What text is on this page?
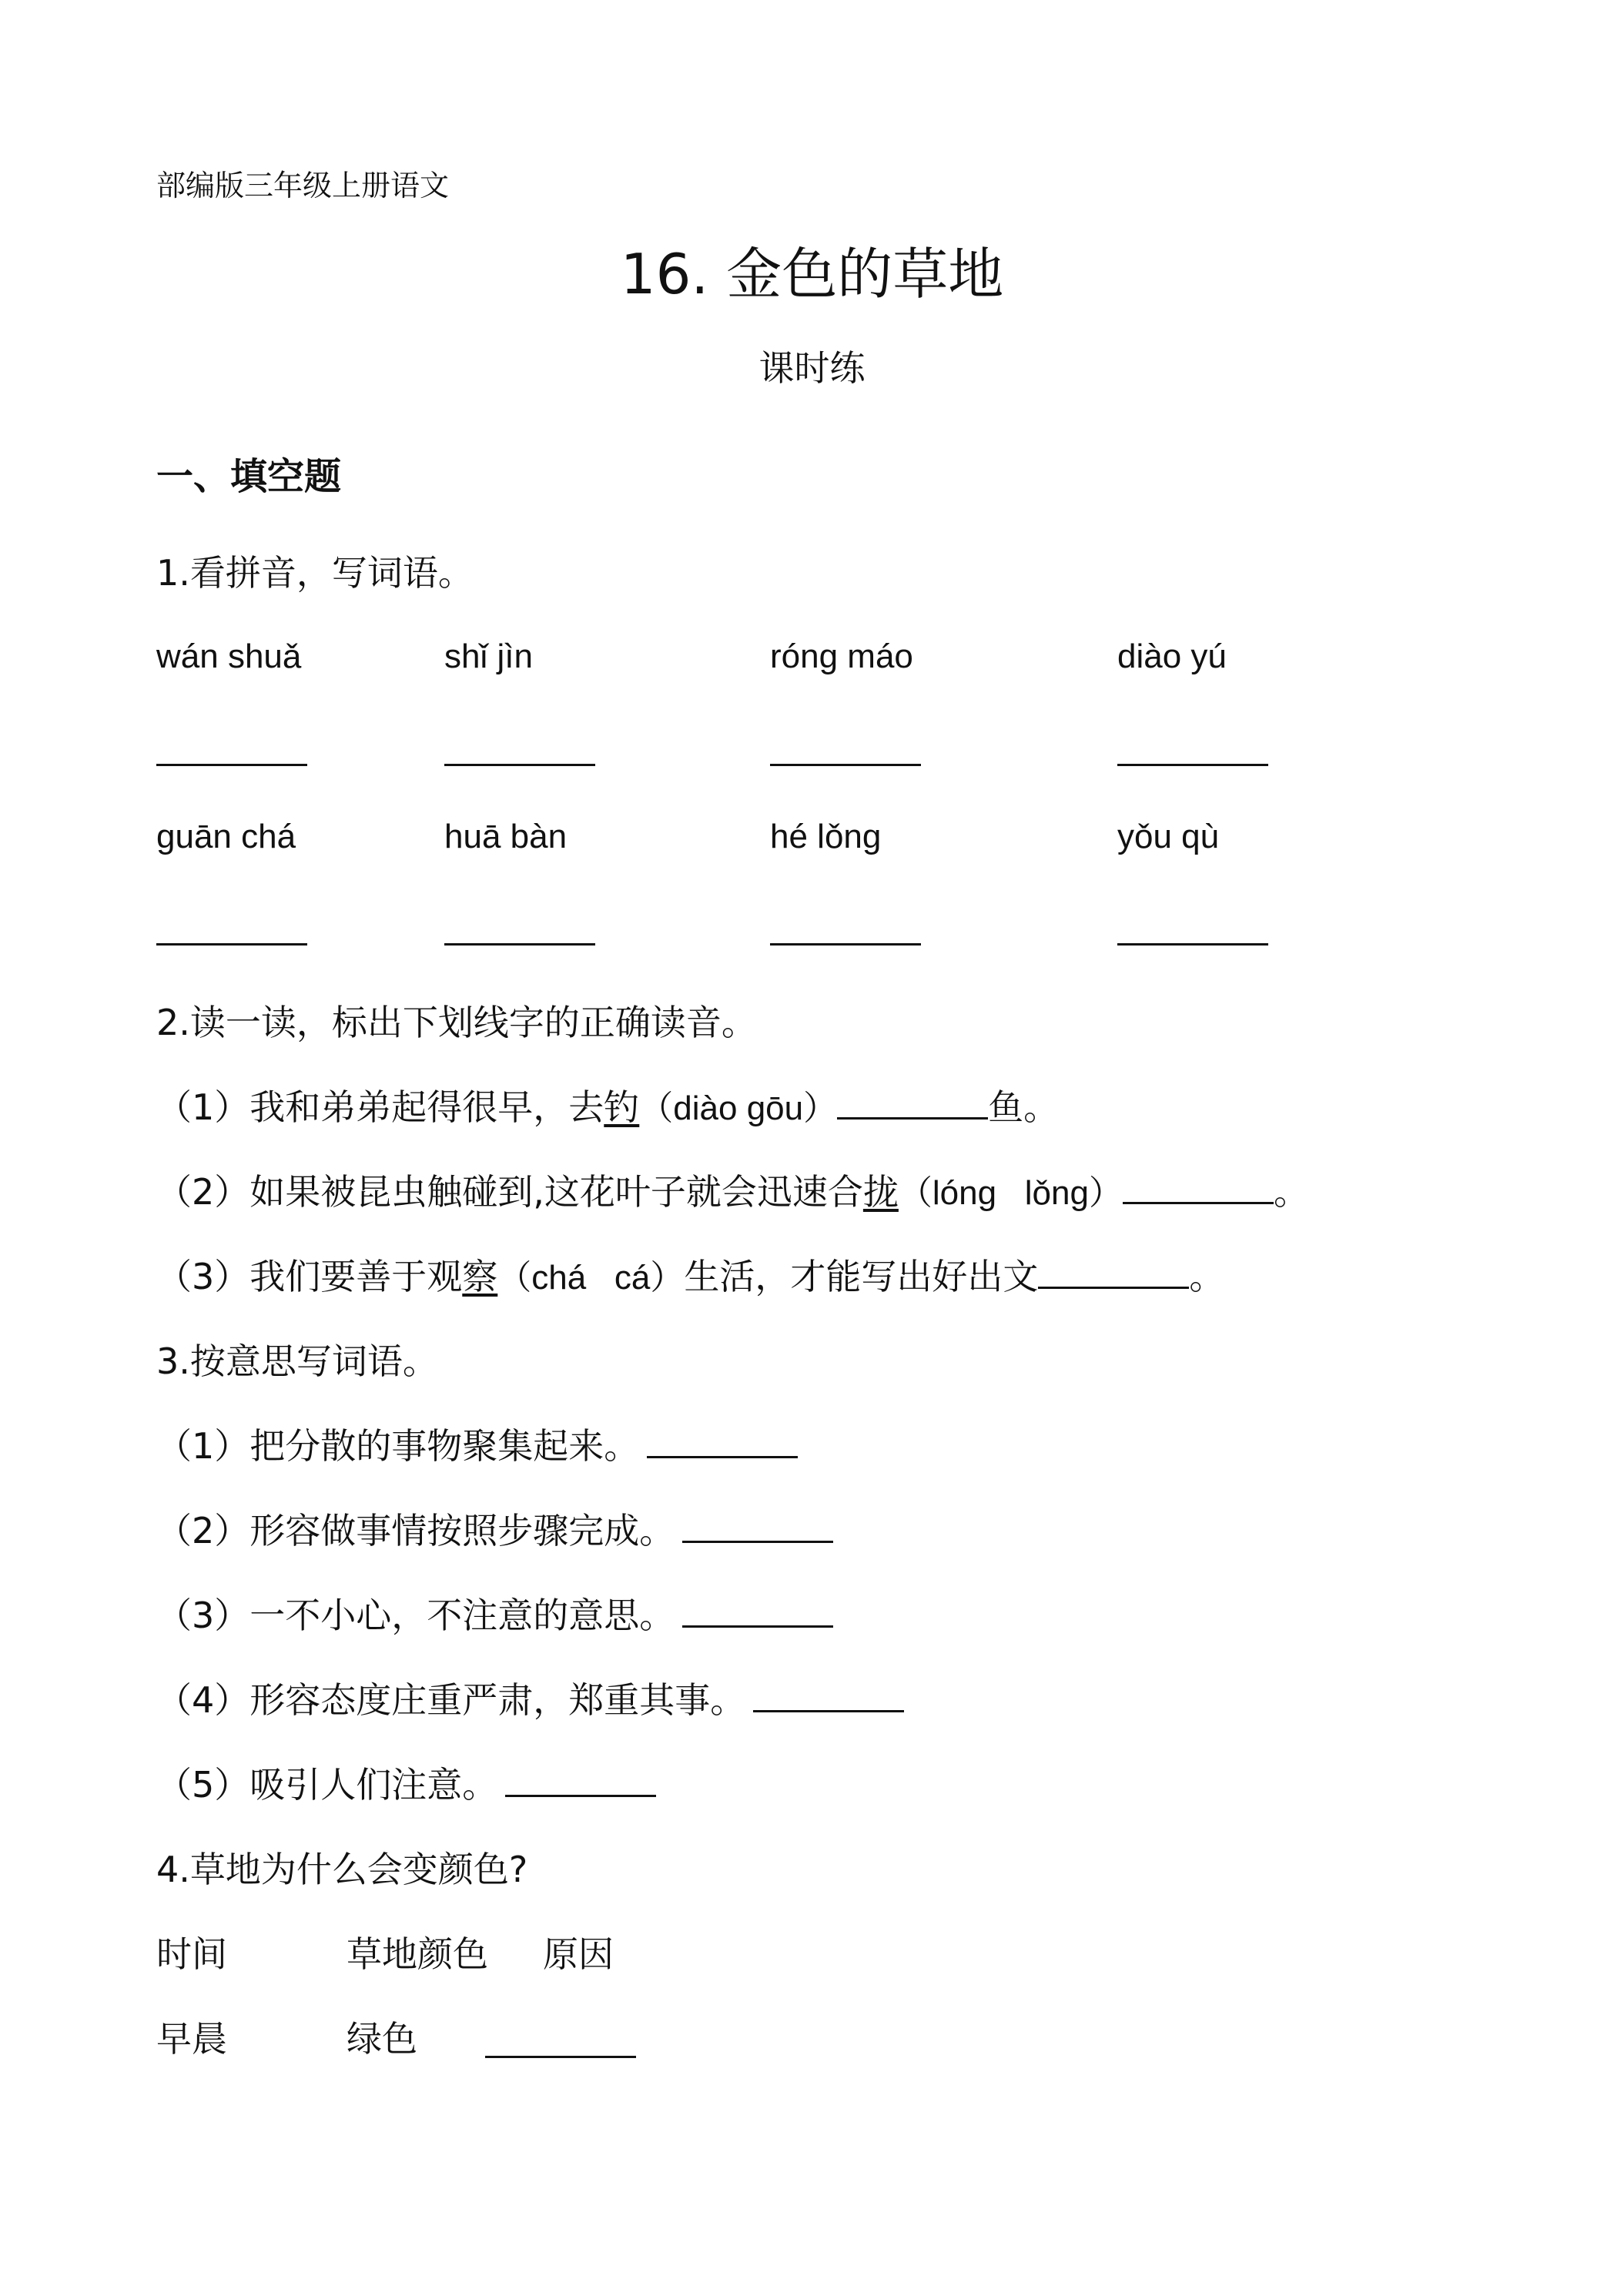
部编版三年级上册语文
16. 金色的草地
课时练
一、填空题
1.看拼音，写词语。
wán shuǎ	shǐ jìn	róng máo	diào yú
guān chá	huā bàn	hé lǒng	yǒu qù
2.读一读，标出下划线字的正确读音。
（1）我和弟弟起得很早，去钓（diào gōu）	鱼。
（2）如果被昆虫触碰到,这花叶子就会迅速合拢（lóng   lǒng）	。
（3）我们要善于观察（chá   cá）生活，才能写出好出文	。
3.按意思写词语。
（1）把分散的事物聚集起来。
（2）形容做事情按照步骤完成。
（3）一不小心，不注意的意思。
（4）形容态度庄重严肃，郑重其事。
（5）吸引人们注意。
4.草地为什么会变颜色?
时间	草地颜色 原因
早晨	绿色
